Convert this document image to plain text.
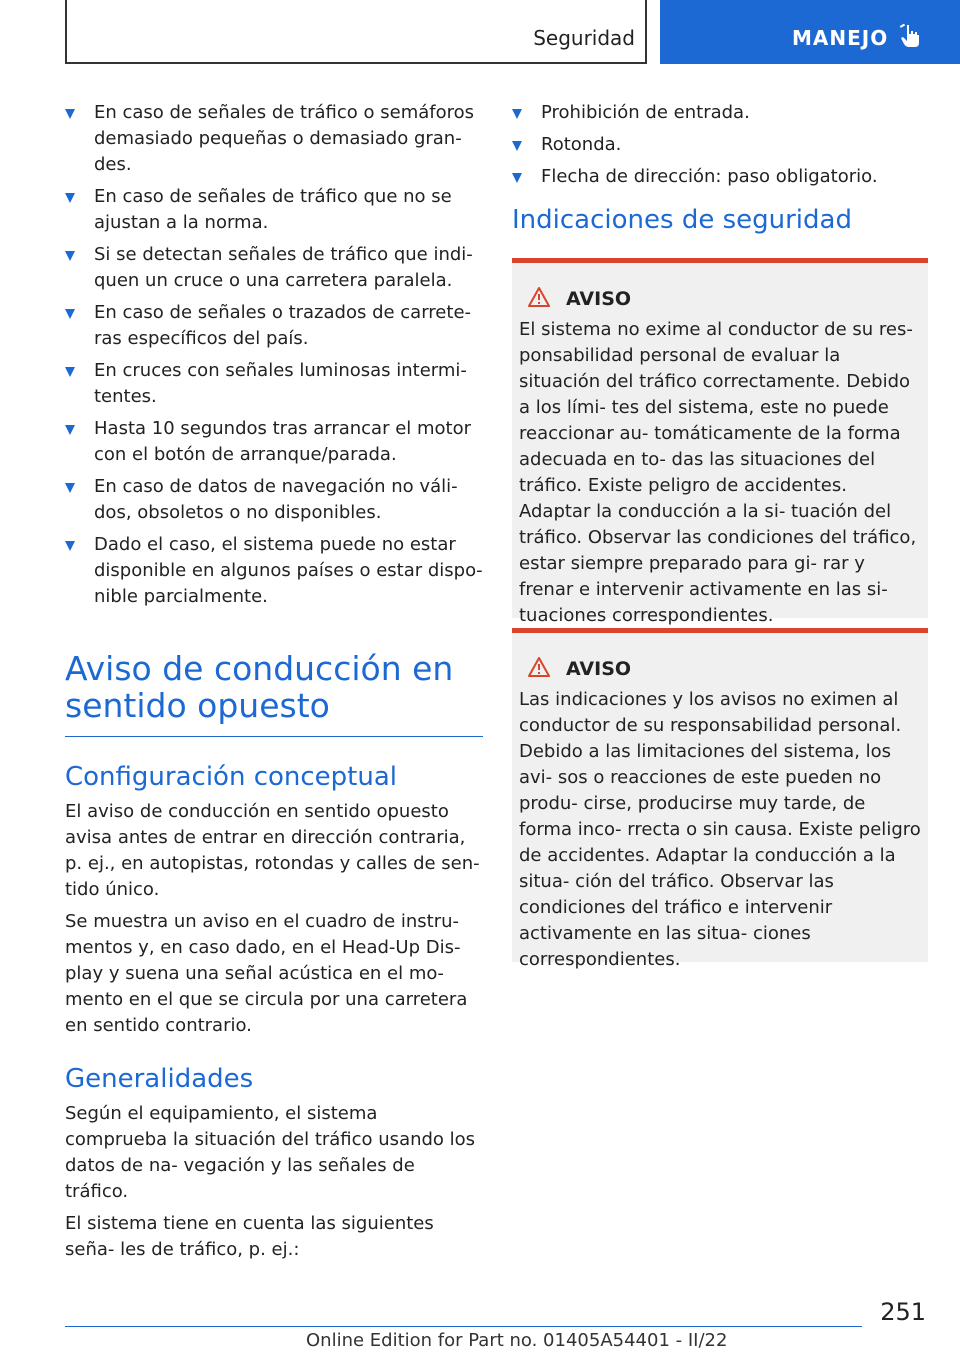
Seguridad	MANEJO
En caso de señales de tráfico o semáforos demasiado pequeñas o demasiado gran‐ des.
En caso de señales de tráfico que no se ajustan a la norma.
Si se detectan señales de tráfico que indi‐ quen un cruce o una carretera paralela.
En caso de señales o trazados de carrete‐ ras específicos del país.
En cruces con señales luminosas intermi‐ tentes.
Hasta 10 segundos tras arrancar el motor con el botón de arranque/parada.
En caso de datos de navegación no váli‐ dos, obsoletos o no disponibles.
Dado el caso, el sistema puede no estar disponible en algunos países o estar dispo‐ nible parcialmente.
Aviso de conducción en sentido opuesto
Configuración conceptual

El aviso de conducción en sentido opuesto avisa antes de entrar en dirección contraria, p. ej., en autopistas, rotondas y calles de sen‐ tido único.

Se muestra un aviso en el cuadro de instru‐ mentos y, en caso dado, en el Head-Up Dis‐ play y suena una señal acústica en el mo‐ mento en el que se circula por una carretera en sentido contrario.

Generalidades

Según el equipamiento, el sistema comprueba la situación del tráfico usando los datos de na‐ vegación y las señales de tráfico.

El sistema tiene en cuenta las siguientes seña‐ les de tráfico, p. ej.:

Prohibición de entrada.
Rotonda.
Flecha de dirección: paso obligatorio.
Indicaciones de seguridad
AVISO
El sistema no exime al conductor de su res‐ ponsabilidad personal de evaluar la situación del tráfico correctamente. Debido a los lími‐ tes del sistema, este no puede reaccionar au‐ tomáticamente de la forma adecuada en to‐ das las situaciones del tráfico. Existe peligro de accidentes. Adaptar la conducción a la si‐ tuación del tráfico. Observar las condiciones del tráfico, estar siempre preparado para gi‐ rar y frenar e intervenir activamente en las si‐ tuaciones correspondientes.
AVISO
Las indicaciones y los avisos no eximen al conductor de su responsabilidad personal. Debido a las limitaciones del sistema, los avi‐ sos o reacciones de este pueden no produ‐ cirse, producirse muy tarde, de forma inco‐ rrecta o sin causa. Existe peligro de accidentes. Adaptar la conducción a la situa‐ ción del tráfico. Observar las condiciones del tráfico e intervenir activamente en las situa‐ ciones correspondientes.
251
Online Edition for Part no. 01405A54401 - II/22
